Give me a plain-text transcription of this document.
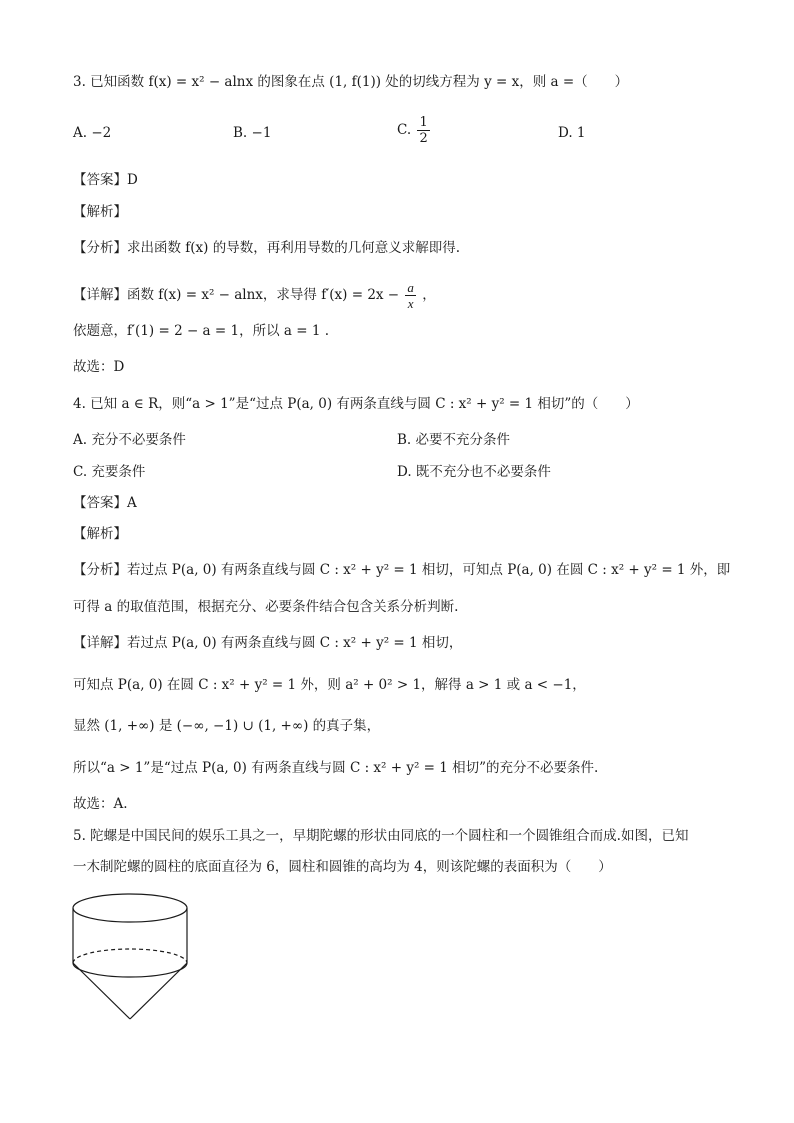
3. 已知函数 f(x) = x² − alnx 的图象在点 (1, f(1)) 处的切线方程为 y = x，则 a =（　　）
A. −2	B. −1	C. $\frac{1}{2}$	D. 1
【答案】D
【解析】
【分析】求出函数 f(x) 的导数，再利用导数的几何意义求解即得.
【详解】函数 f(x) = x² − alnx，求导得 $f'(x) = 2x - \frac{a}{x}$ ，
依题意，f′(1) = 2 − a = 1，所以 a = 1 .
故选：D
4. 已知 a ∈ R，则“a > 1”是“过点 P(a, 0) 有两条直线与圆 C : x² + y² = 1 相切”的（　　）
A. 充分不必要条件	B. 必要不充分条件
C. 充要条件	D. 既不充分也不必要条件
【答案】A
【解析】
【分析】若过点 P(a, 0) 有两条直线与圆 C : x² + y² = 1 相切，可知点 P(a, 0) 在圆 C : x² + y² = 1 外，即
可得 a 的取值范围，根据充分、必要条件结合包含关系分析判断.
【详解】若过点 P(a, 0) 有两条直线与圆 C : x² + y² = 1 相切，
可知点 P(a, 0) 在圆 C : x² + y² = 1 外，则 a² + 0² > 1，解得 a > 1 或 a < −1，
显然 (1, +∞) 是 (−∞, −1) ∪ (1, +∞) 的真子集，
所以“a > 1”是“过点 P(a, 0) 有两条直线与圆 C : x² + y² = 1 相切”的充分不必要条件.
故选：A.
5. 陀螺是中国民间的娱乐工具之一，早期陀螺的形状由同底的一个圆柱和一个圆锥组合而成.如图，已知
一木制陀螺的圆柱的底面直径为 6，圆柱和圆锥的高均为 4，则该陀螺的表面积为（　　）
